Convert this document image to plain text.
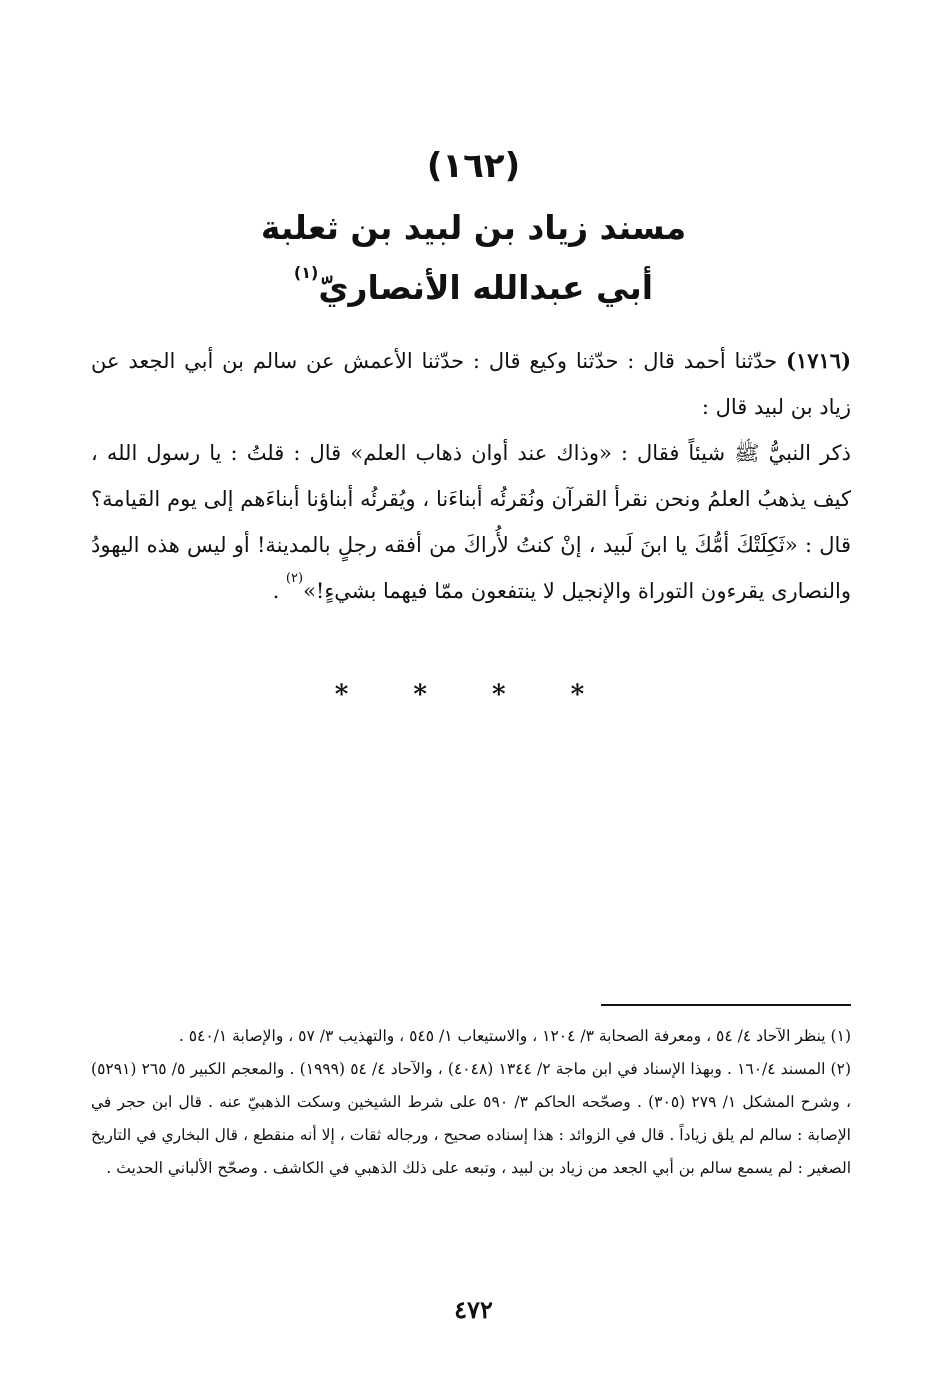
(١٦٢)
مسند زياد بن لبيد بن ثعلبة
أبي عبدالله الأنصاريّ$^{(١)}$

(١٧١٦) حدّثنا أحمد قال : حدّثنا وكيع قال : حدّثنا الأعمش عن سالم بن أبي الجعد عن زياد بن لبيد قال :

ذكر النبيُّ ﷺ شيئاً فقال : «وذاك عند أوان ذهاب العلم» قال : قلتُ : يا رسول الله ، كيف يذهبُ العلمُ ونحن نقرأ القرآن ونُقرئُه أبناءَنا ، ويُقرئُه أبناؤنا أبناءَهم إلى يوم القيامة؟ قال : «ثَكِلَتْكَ أمُّكَ يا ابنَ لَبيد ، إنْ كنتُ لأُراكَ من أفقه رجلٍ بالمدينة! أو ليس هذه اليهودُ والنصارى يقرءون التوراة والإنجيل لا ينتفعون ممّا فيهما بشيءٍ!»$^{(٢)}$ .

* * * *

(١) ينظر الآحاد ٤/ ٥٤ ، ومعرفة الصحابة ٣/ ١٢٠٤ ، والاستيعاب ١/ ٥٤٥ ، والتهذيب ٣/ ٥٧ ، والإصابة ٥٤٠/١ .

(٢) المسند ١٦٠/٤ . وبهذا الإسناد في ابن ماجة ٢/ ١٣٤٤ (٤٠٤٨) ، والآحاد ٤/ ٥٤ (١٩٩٩) . والمعجم الكبير ٥/ ٢٦٥ (٥٢٩١) ، وشرح المشكل ١/ ٢٧٩ (٣٠٥) . وصحّحه الحاكم ٣/ ٥٩٠ على شرط الشيخين وسكت الذهبيّ عنه . قال ابن حجر في الإصابة : سالم لم يلق زياداً . قال في الزوائد : هذا إسناده صحيح ، ورجاله ثقات ، إلا أنه منقطع ، قال البخاري في التاريخ الصغير : لم يسمع سالم بن أبي الجعد من زياد بن لبيد ، وتبعه على ذلك الذهبي في الكاشف . وصحّح الألباني الحديث .

٤٧٢
